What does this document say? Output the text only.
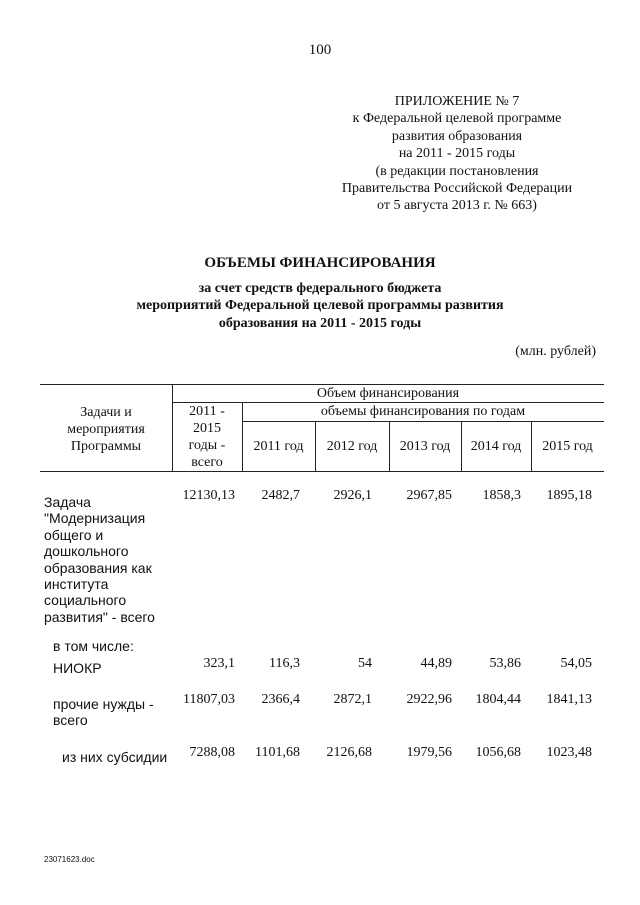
100
ПРИЛОЖЕНИЕ № 7
к Федеральной целевой программе
развития образования
на 2011 - 2015 годы
(в редакции постановления
Правительства Российской Федерации
от 5 августа 2013 г. № 663)
ОБЪЕМЫ ФИНАНСИРОВАНИЯ
за счет средств федерального бюджета
мероприятий Федеральной целевой программы развития
образования на 2011 - 2015 годы
(млн. рублей)
Задачи и
мероприятия
Программы
Объем финансирования
2011 -
2015
годы -
всего
объемы финансирования по годам
2011 год	2012 год	2013 год	2014 год	2015 год
Задача
"Модернизация
общего и
дошкольного
образования как
института
социального
развития" - всего
12130,13	2482,7	2926,1	2967,85	1858,3	1895,18
в том числе:
НИОКР	323,1	116,3	54	44,89	53,86	54,05
прочие нужды -
всего
11807,03	2366,4	2872,1	2922,96	1804,44	1841,13
из них субсидии	7288,08	1101,68	2126,68	1979,56	1056,68	1023,48
23071623.doc
